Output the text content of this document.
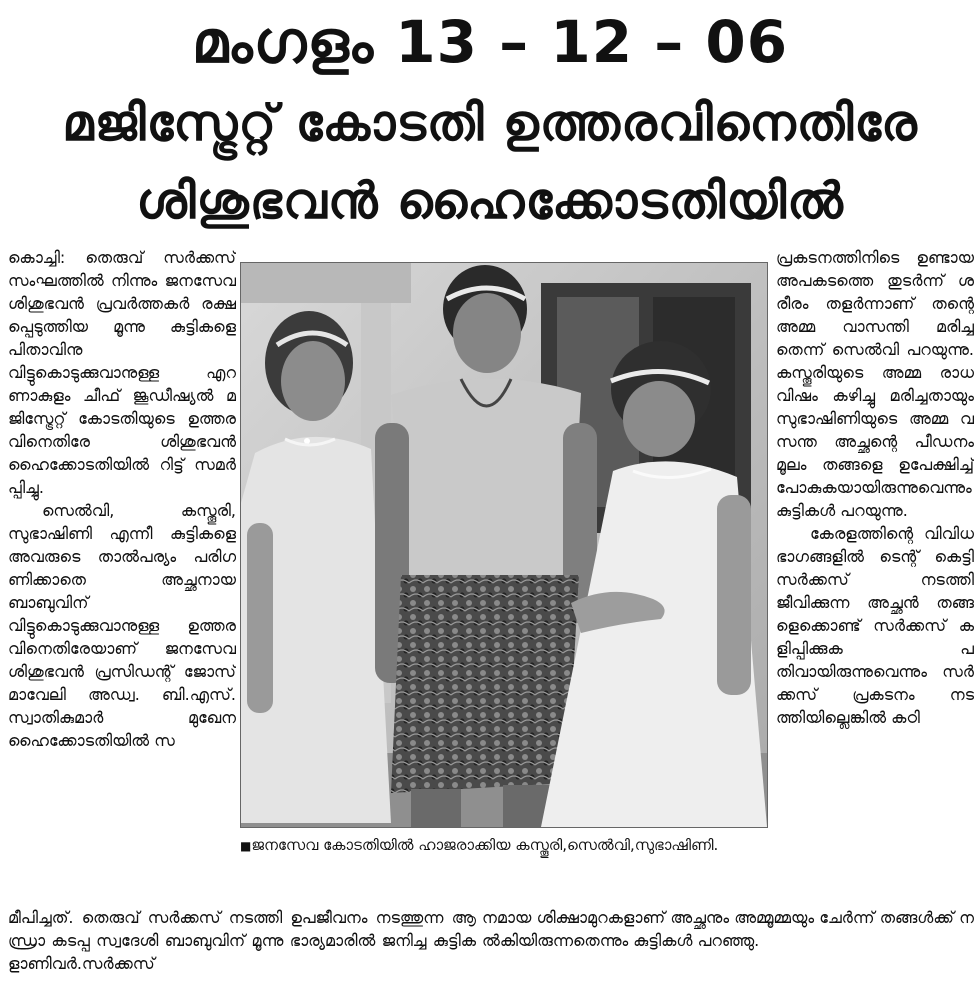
മംഗളം 13 – 12 – 06
മജിസ്ട്രേറ്റ് കോടതി ഉത്തരവിനെതിരേ
ശിശുഭവന്‍ ഹൈക്കോടതിയില്‍

കൊച്ചി: തെരുവ് സർക്കസ് സംഘത്തിൽ നിന്നും ജനസേവ ശിശുഭവൻ പ്രവർത്തകർ രക്ഷപ്പെടുത്തിയ മൂന്നു കുട്ടികളെ പിതാവിനു വിട്ടുകൊടുക്കുവാനുള്ള എറണാകുളം ചീഫ് ജൂഡീഷ്യൽ മജിസ്ട്രേറ്റ് കോടതിയുടെ ഉത്തരവിനെതിരേ ശിശുഭവൻ ഹൈക്കോടതിയിൽ റിട്ട് സമർപ്പിച്ചു.

സെൽവി, കസ്തൂരി,സുഭാഷിണി എന്നീ കുട്ടികളെ അവരുടെ താൽപര്യം പരിഗണിക്കാതെ അച്ഛനായ ബാബുവിന് വിട്ടുകൊടുക്കുവാനുള്ള ഉത്തരവിനെതിരേയാണ് ജനസേവ ശിശുഭവൻ പ്രസിഡന്റ് ജോസ് മാവേലി അഡ്വ. ബി.എസ്. സ്വാതികുമാർ മുഖേന ഹൈക്കോടതിയിൽ സ

■ജനസേവ കോടതിയിൽ ഹാജരാക്കിയ കസ്തൂരി,സെൽവി,സുഭാഷിണി.

പ്രകടനത്തിനിടെ ഉണ്ടായ അപകടത്തെ തുടർന്ന് ശരീരം തളർന്നാണ് തന്റെ അമ്മ വാസന്തി മരിച്ചതെന്ന് സെൽവി പറയുന്നു. കസ്തൂരിയുടെ അമ്മ രാധ വിഷം കഴിച്ചു മരിച്ചതായും സുഭാഷിണിയുടെ അമ്മ വസന്ത അച്ഛന്റെ പീഡനം മൂലം തങ്ങളെ ഉപേക്ഷിച്ച് പോകുകയായിരുന്നുവെന്നും കുട്ടികൾ പറയുന്നു.

കേരളത്തിന്റെ വിവിധ ഭാഗങ്ങളിൽ ടെന്റ് കെട്ടി സർക്കസ് നടത്തി ജീവിക്കുന്ന അച്ഛൻ തങ്ങളെക്കൊണ്ട് സർക്കസ് കളിപ്പിക്കുക പതിവായിരുന്നുവെന്നും സർക്കസ് പ്രകടനം നടത്തിയില്ലെങ്കിൽ കഠി

മീപിച്ചത്. തെരുവ് സർക്കസ് നടത്തി ഉപജീവനം നടത്തുന്ന ആന്ധ്രാ കടപ്പ സ്വദേശി ബാബുവിന് മൂന്നു ഭാര്യമാരിൽ ജനിച്ച കുട്ടികളാണിവർ.സർക്കസ്
നമായ ശിക്ഷാമുറകളാണ് അച്ഛനും അമ്മൂമ്മയും ചേർന്ന് തങ്ങൾക്ക് നൽകിയിരുന്നതെന്നും കുട്ടികൾ പറഞ്ഞു.
